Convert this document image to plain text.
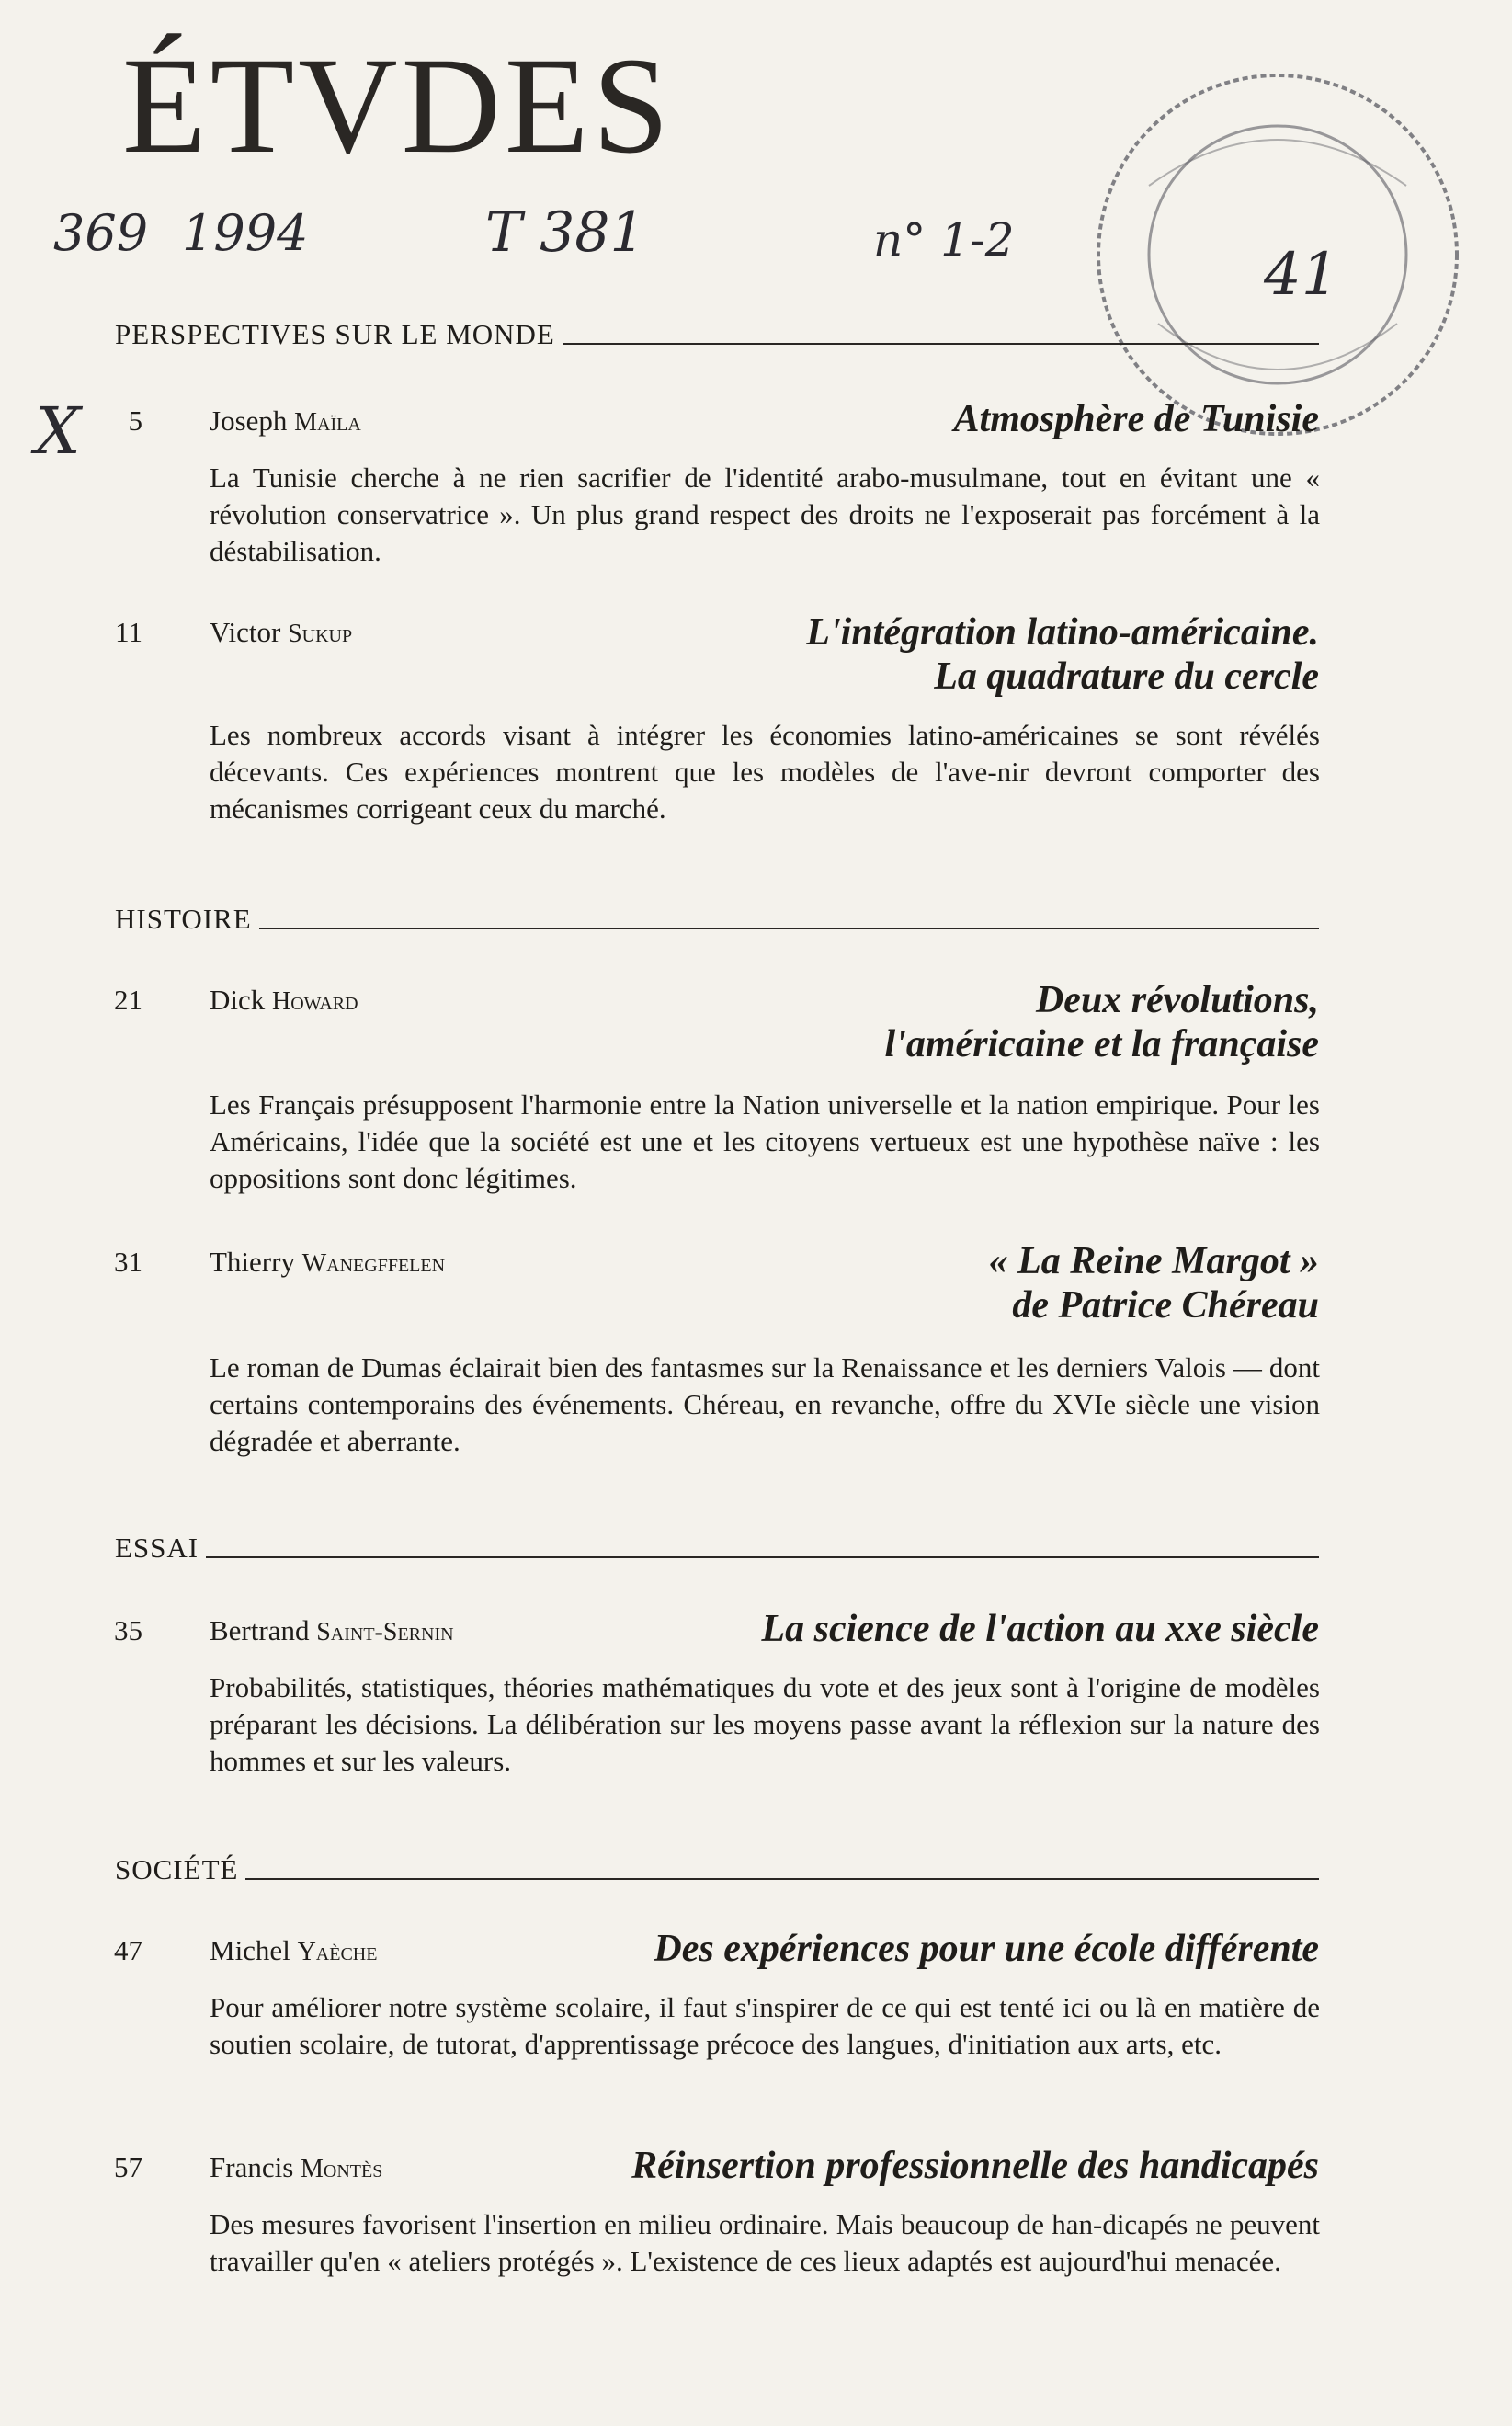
ÉTVDES
369 1994	T 381	n° 1-2
41
X
PERSPECTIVES SUR LE MONDE
5 Joseph Maïla	Atmosphère de Tunisie
La Tunisie cherche à ne rien sacrifier de l'identité arabo-musulmane, tout en évitant une « révolution conservatrice ». Un plus grand respect des droits ne l'exposerait pas forcément à la déstabilisation.
11 Victor Sukup	L'intégration latino-américaine.
La quadrature du cercle
Les nombreux accords visant à intégrer les économies latino-américaines se sont révélés décevants. Ces expériences montrent que les modèles de l'ave-nir devront comporter des mécanismes corrigeant ceux du marché.
HISTOIRE
21 Dick Howard	Deux révolutions,
l'américaine et la française
Les Français présupposent l'harmonie entre la Nation universelle et la nation empirique. Pour les Américains, l'idée que la société est une et les citoyens vertueux est une hypothèse naïve : les oppositions sont donc légitimes.
31 Thierry Wanegffelen	« La Reine Margot »
de Patrice Chéreau
Le roman de Dumas éclairait bien des fantasmes sur la Renaissance et les derniers Valois — dont certains contemporains des événements. Chéreau, en revanche, offre du XVIe siècle une vision dégradée et aberrante.
ESSAI
35 Bertrand Saint-Sernin	La science de l'action au xxe siècle
Probabilités, statistiques, théories mathématiques du vote et des jeux sont à l'origine de modèles préparant les décisions. La délibération sur les moyens passe avant la réflexion sur la nature des hommes et sur les valeurs.
SOCIÉTÉ
47 Michel Yaèche	Des expériences pour une école différente
Pour améliorer notre système scolaire, il faut s'inspirer de ce qui est tenté ici ou là en matière de soutien scolaire, de tutorat, d'apprentissage précoce des langues, d'initiation aux arts, etc.
57 Francis Montès	Réinsertion professionnelle des handicapés
Des mesures favorisent l'insertion en milieu ordinaire. Mais beaucoup de han-dicapés ne peuvent travailler qu'en « ateliers protégés ». L'existence de ces lieux adaptés est aujourd'hui menacée.
